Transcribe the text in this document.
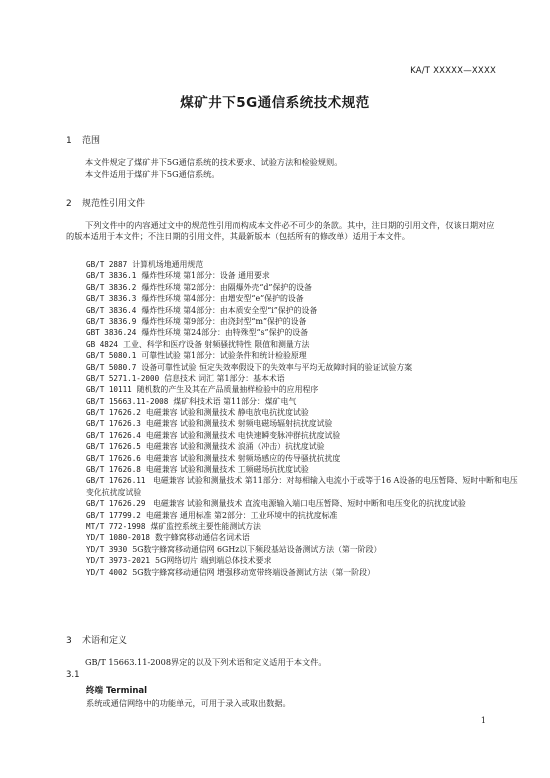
KA/T XXXXX—XXXX
煤矿井下5G通信系统技术规范
1 范围

本文件规定了煤矿井下5G通信系统的技术要求、试验方法和检验规则。

本文件适用于煤矿井下5G通信系统。

2 规范性引用文件

下列文件中的内容通过文中的规范性引用而构成本文件必不可少的条款。其中，注日期的引用文件，仅该日期对应的版本适用于本文件；不注日期的引用文件，其最新版本（包括所有的修改单）适用于本文件。

GB/T 2887 计算机场地通用规范
GB/T 3836.1 爆炸性环境 第1部分：设备 通用要求
GB/T 3836.2 爆炸性环境 第2部分：由隔爆外壳“d”保护的设备
GB/T 3836.3 爆炸性环境 第4部分：由增安型“e”保护的设备
GB/T 3836.4 爆炸性环境 第4部分：由本质安全型“i”保护的设备
GB/T 3836.9 爆炸性环境 第9部分：由浇封型“m”保护的设备
GBT 3836.24 爆炸性环境 第24部分：由特殊型“s”保护的设备
GB 4824 工业、科学和医疗设备 射频骚扰特性 限值和测量方法
GB/T 5080.1 可靠性试验 第1部分：试验条件和统计检验原理
GB/T 5080.7 设备可靠性试验 恒定失效率假设下的失效率与平均无故障时间的验证试验方案
GB/T 5271.1-2000 信息技术 词汇 第1部分：基本术语
GB/T 10111 随机数的产生及其在产品质量抽样检验中的应用程序
GB/T 15663.11-2008 煤矿科技术语 第11部分：煤矿电气
GB/T 17626.2 电磁兼容 试验和测量技术 静电放电抗扰度试验
GB/T 17626.3 电磁兼容 试验和测量技术 射频电磁场辐射抗扰度试验
GB/T 17626.4 电磁兼容 试验和测量技术 电快速瞬变脉冲群抗扰度试验
GB/T 17626.5 电磁兼容 试验和测量技术 浪涌（冲击）抗扰度试验
GB/T 17626.6 电磁兼容 试验和测量技术 射频场感应的传导骚扰抗扰度
GB/T 17626.8 电磁兼容 试验和测量技术 工频磁场抗扰度试验
GB/T 17626.11 电磁兼容 试验和测量技术 第11部分：对每相输入电流小于或等于16 A设备的电压暂降、短时中断和电压变化抗扰度试验
GB/T 17626.29 电磁兼容 试验和测量技术 直流电源输入端口电压暂降、短时中断和电压变化的抗扰度试验
GB/T 17799.2 电磁兼容 通用标准 第2部分：工业环境中的抗扰度标准
MT/T 772-1998 煤矿监控系统主要性能测试方法
YD/T 1080-2018 数字蜂窝移动通信名词术语
YD/T 3930 5G数字蜂窝移动通信网 6GHz以下频段基站设备测试方法（第一阶段）
YD/T 3973-2021 5G网络切片 端到端总体技术要求
YD/T 4002 5G数字蜂窝移动通信网 增强移动宽带终端设备测试方法（第一阶段）
3 术语和定义

GB/T 15663.11-2008界定的以及下列术语和定义适用于本文件。

3.1
终端 Terminal
系统或通信网络中的功能单元，可用于录入或取出数据。
1
